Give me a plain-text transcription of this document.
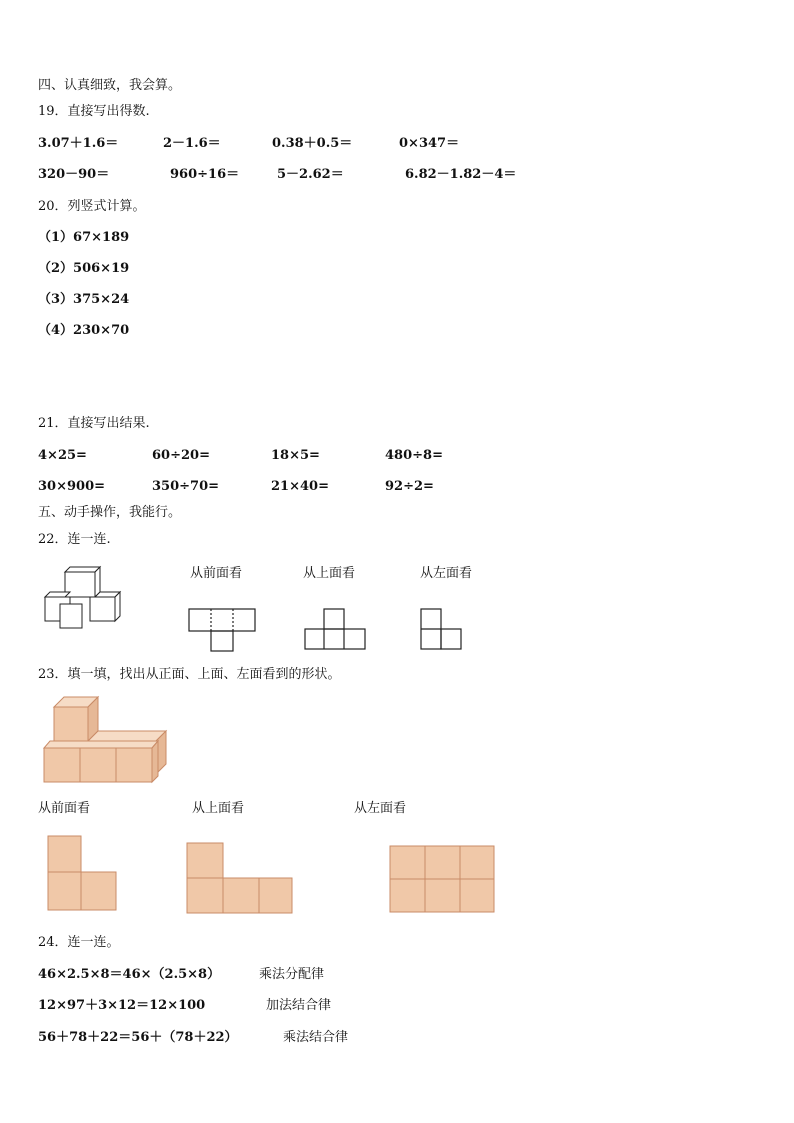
四、认真细致，我会算。
19．直接写出得数.
3.07＋1.6＝	2－1.6＝	0.38＋0.5＝	0×347＝
320－90＝	960÷16＝	5－2.62＝	6.82－1.82－4＝
20．列竖式计算。
（1）67×189
（2）506×19
（3）375×24
（4）230×70
21．直接写出结果.
4×25=	60÷20=	18×5=	480÷8=
30×900=	350÷70=	21×40=	92÷2=
五、动手操作，我能行。
22．连一连.
从前面看	从上面看	从左面看
23．填一填，找出从正面、上面、左面看到的形状。
从前面看	从上面看	从左面看
24．连一连。
46×2.5×8＝46×（2.5×8）
12×97＋3×12＝12×100
56＋78＋22＝56＋（78＋22）
乘法分配律
加法结合律
乘法结合律
